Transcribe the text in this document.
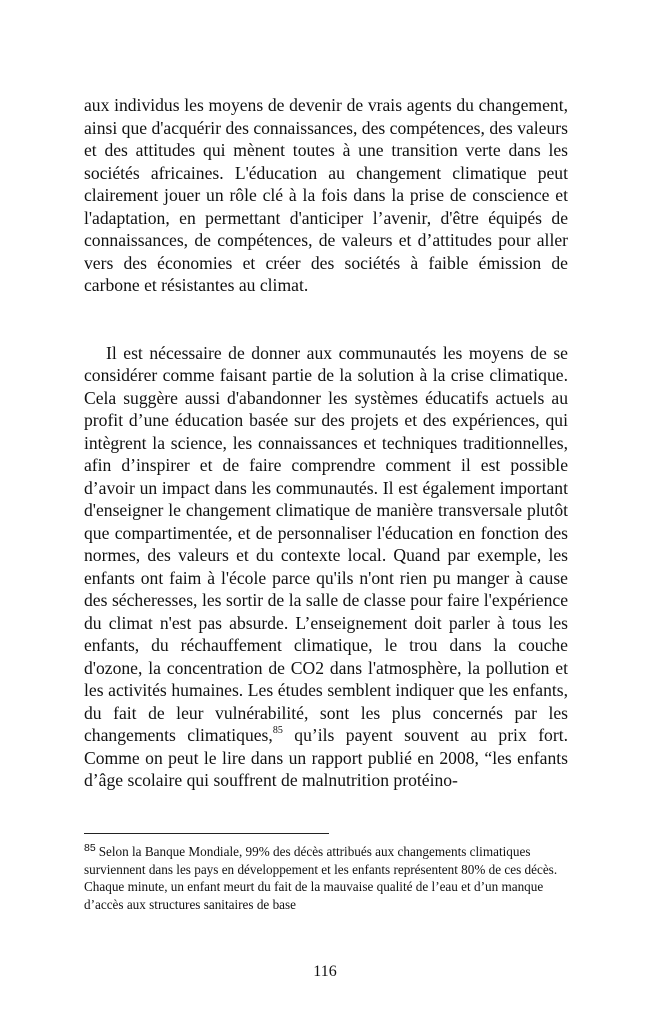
aux individus les moyens de devenir de vrais agents du changement, ainsi que d'acquérir des connaissances, des compétences, des valeurs et des attitudes qui mènent toutes à une transition verte dans les sociétés africaines. L'éducation au changement climatique peut clairement jouer un rôle clé à la fois dans la prise de conscience et l'adaptation, en permettant d'anticiper l’avenir, d'être équipés de connaissances, de compétences, de valeurs et d’attitudes pour aller vers des économies et créer des sociétés à faible émission de carbone et résistantes au climat.

Il est nécessaire de donner aux communautés les moyens de se considérer comme faisant partie de la solution à la crise climatique. Cela suggère aussi d'abandonner les systèmes éducatifs actuels au profit d’une éducation basée sur des projets et des expériences, qui intègrent la science, les connaissances et techniques traditionnelles, afin d’inspirer et de faire comprendre comment il est possible d’avoir un impact dans les communautés. Il est également important d'enseigner le changement climatique de manière transversale plutôt que compartimentée, et de personnaliser l'éducation en fonction des normes, des valeurs et du contexte local. Quand par exemple, les enfants ont faim à l'école parce qu'ils n'ont rien pu manger à cause des sécheresses, les sortir de la salle de classe pour faire l'expérience du climat n'est pas absurde. L’enseignement doit parler à tous les enfants, du réchauffement climatique, le trou dans la couche d'ozone, la concentration de CO2 dans l'atmosphère, la pollution et les activités humaines. Les études semblent indiquer que les enfants, du fait de leur vulnérabilité, sont les plus concernés par les changements climatiques,$^{85}$ qu’ils payent souvent au prix fort. Comme on peut le lire dans un rapport publié en 2008, “les enfants d’âge scolaire qui souffrent de malnutrition protéino-

$^{85}$ Selon la Banque Mondiale, 99% des décès attribués aux changements climatiques surviennent dans les pays en développement et les enfants représentent 80% de ces décès. Chaque minute, un enfant meurt du fait de la mauvaise qualité de l’eau et d’un manque d’accès aux structures sanitaires de base

116
